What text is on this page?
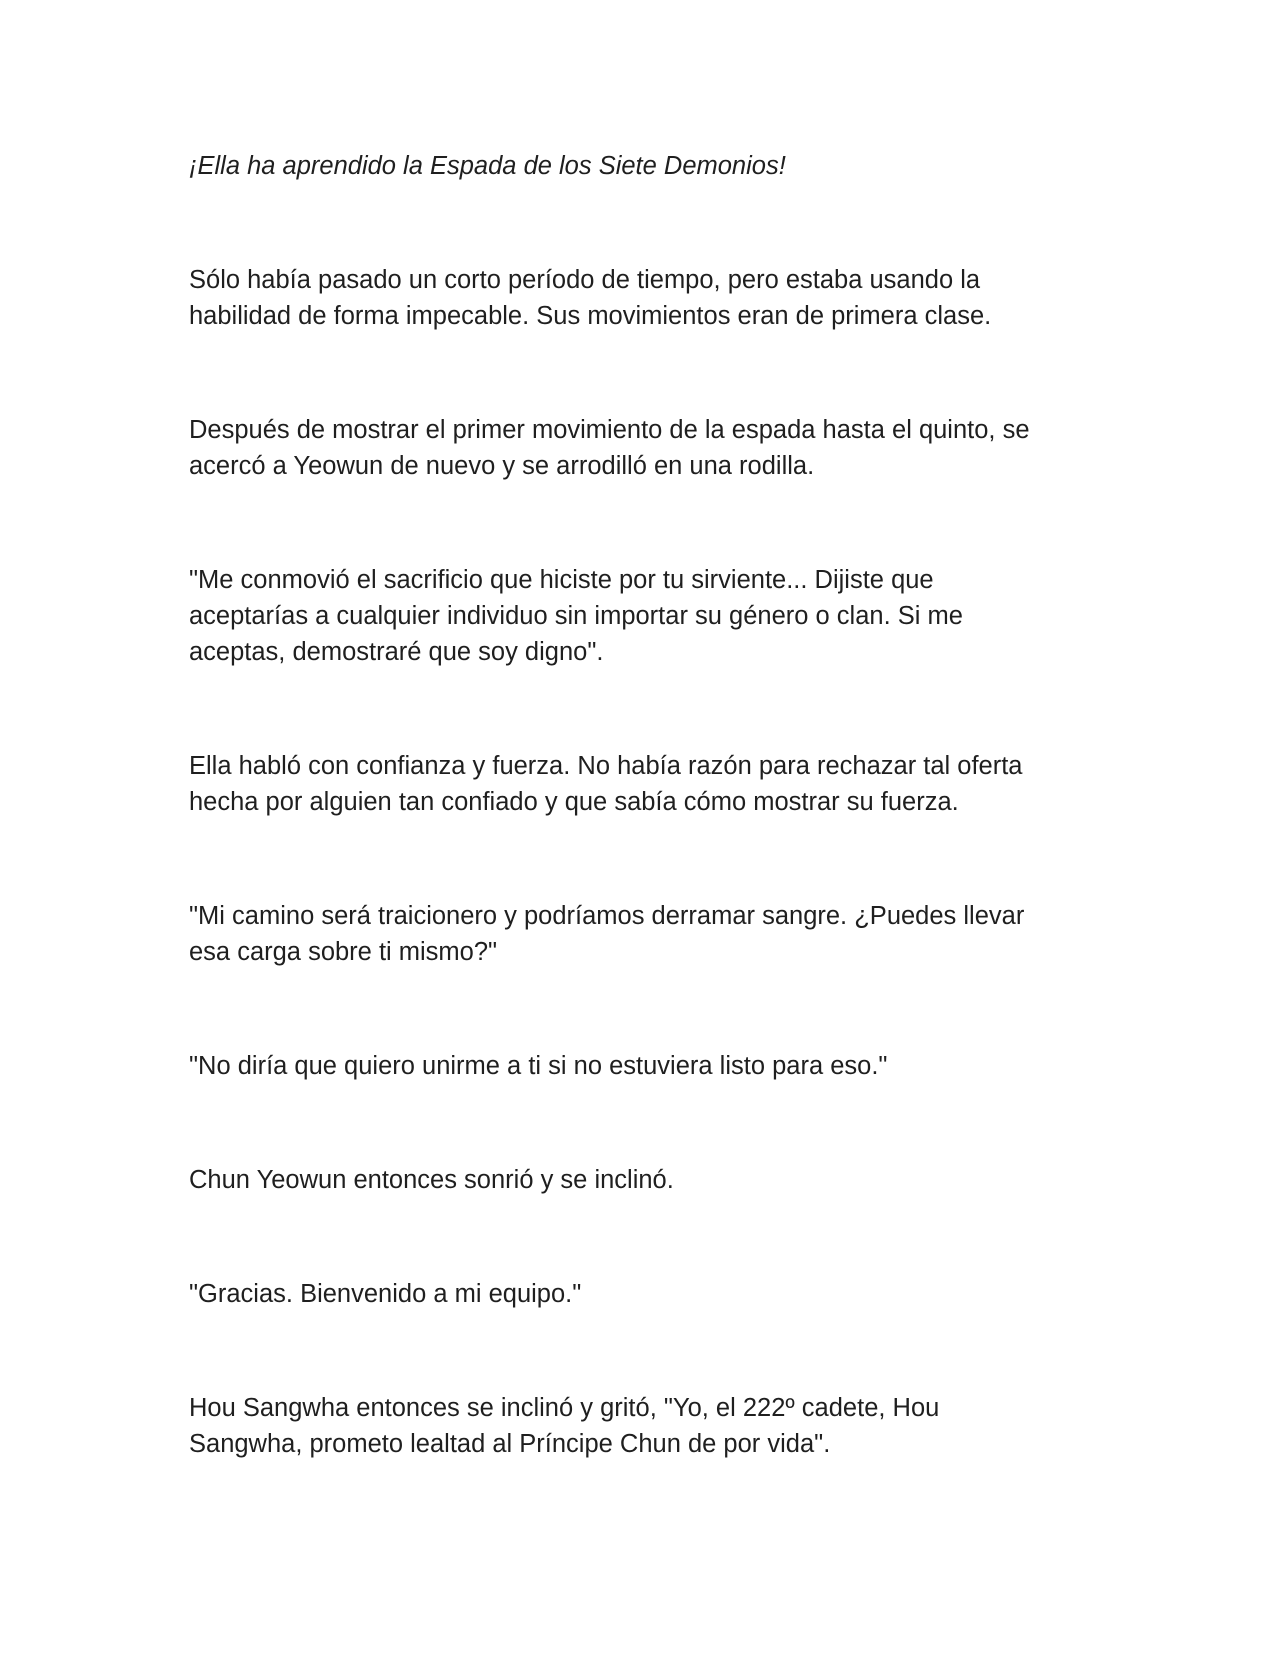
¡Ella ha aprendido la Espada de los Siete Demonios!

Sólo había pasado un corto período de tiempo, pero estaba usando la
habilidad de forma impecable. Sus movimientos eran de primera clase.

Después de mostrar el primer movimiento de la espada hasta el quinto, se
acercó a Yeowun de nuevo y se arrodilló en una rodilla.

"Me conmovió el sacrificio que hiciste por tu sirviente... Dijiste que
aceptarías a cualquier individuo sin importar su género o clan. Si me
aceptas, demostraré que soy digno".

Ella habló con confianza y fuerza. No había razón para rechazar tal oferta
hecha por alguien tan confiado y que sabía cómo mostrar su fuerza.

"Mi camino será traicionero y podríamos derramar sangre. ¿Puedes llevar
esa carga sobre ti mismo?"

"No diría que quiero unirme a ti si no estuviera listo para eso."

Chun Yeowun entonces sonrió y se inclinó.

"Gracias. Bienvenido a mi equipo."

Hou Sangwha entonces se inclinó y gritó, "Yo, el 222º cadete, Hou
Sangwha, prometo lealtad al Príncipe Chun de por vida".
